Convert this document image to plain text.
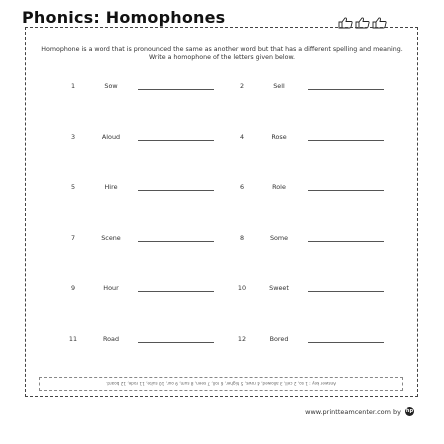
Phonics: Homophones
Homophone is a word that is pronounced the same as another word but that has a different spelling and meaning. Write a homophone of the letters given below.
1	Sow	2	Sell
3	Aloud	4	Rose
5	Hire	6	Role
7	Scene	8	Some
9	Hour	10	Sweet
11	Road	12	Bored
Answer key : 1 so, 2 cell, 3 allowed, 4 rows, 5 higher, 6 roll, 7 seen, 8 sum, 9 our, 10 suite, 11 rode, 12 board.
www.printteamcenter.com by hp
